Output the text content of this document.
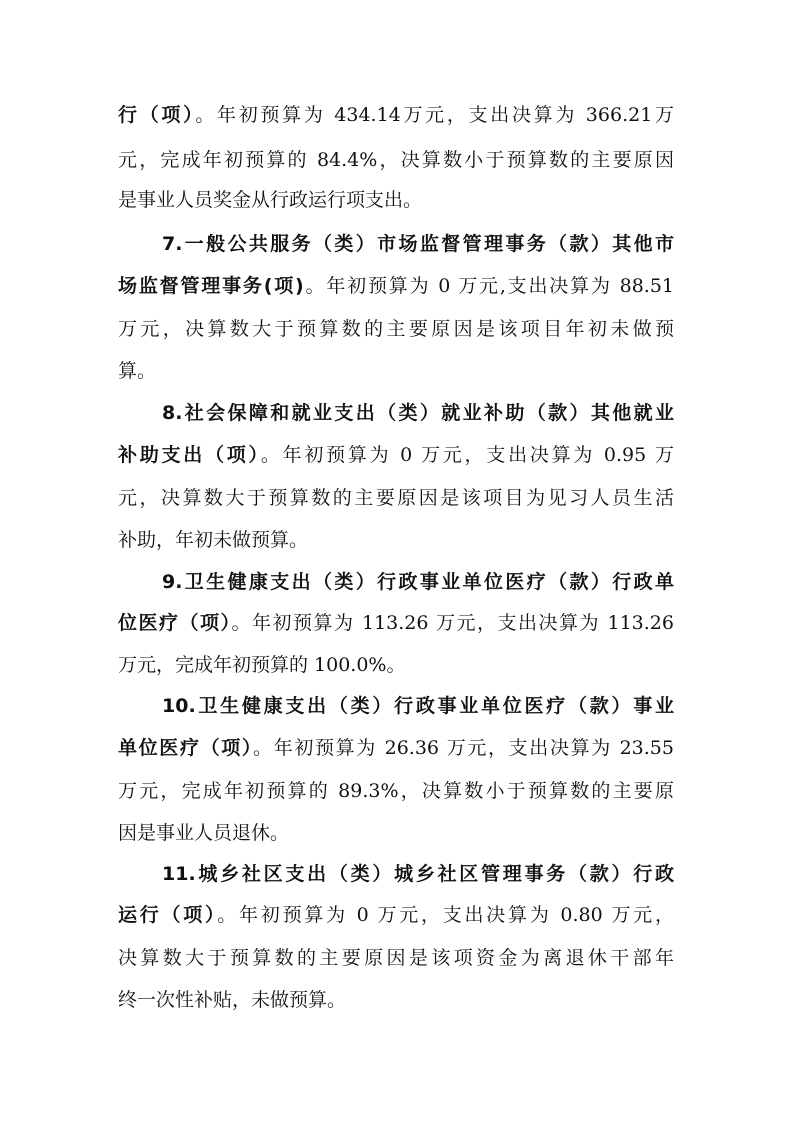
行（项）。年初预算为 434.14万元，支出决算为 366.21万
元，完成年初预算的 84.4%，决算数小于预算数的主要原因
是事业人员奖金从行政运行项支出。
7.一般公共服务（类）市场监督管理事务（款）其他市
场监督管理事务(项)。年初预算为 0 万元,支出决算为 88.51
万元，决算数大于预算数的主要原因是该项目年初未做预
算。
8.社会保障和就业支出（类）就业补助（款）其他就业
补助支出（项）。年初预算为 0 万元，支出决算为 0.95 万
元，决算数大于预算数的主要原因是该项目为见习人员生活
补助，年初未做预算。
9.卫生健康支出（类）行政事业单位医疗（款）行政单
位医疗（项）。年初预算为 113.26 万元，支出决算为 113.26
万元，完成年初预算的 100.0%。
10.卫生健康支出（类）行政事业单位医疗（款）事业
单位医疗（项）。年初预算为 26.36 万元，支出决算为 23.55
万元，完成年初预算的 89.3%，决算数小于预算数的主要原
因是事业人员退休。
11.城乡社区支出（类）城乡社区管理事务（款）行政
运行（项）。年初预算为 0 万元，支出决算为 0.80 万元，
决算数大于预算数的主要原因是该项资金为离退休干部年
终一次性补贴，未做预算。
